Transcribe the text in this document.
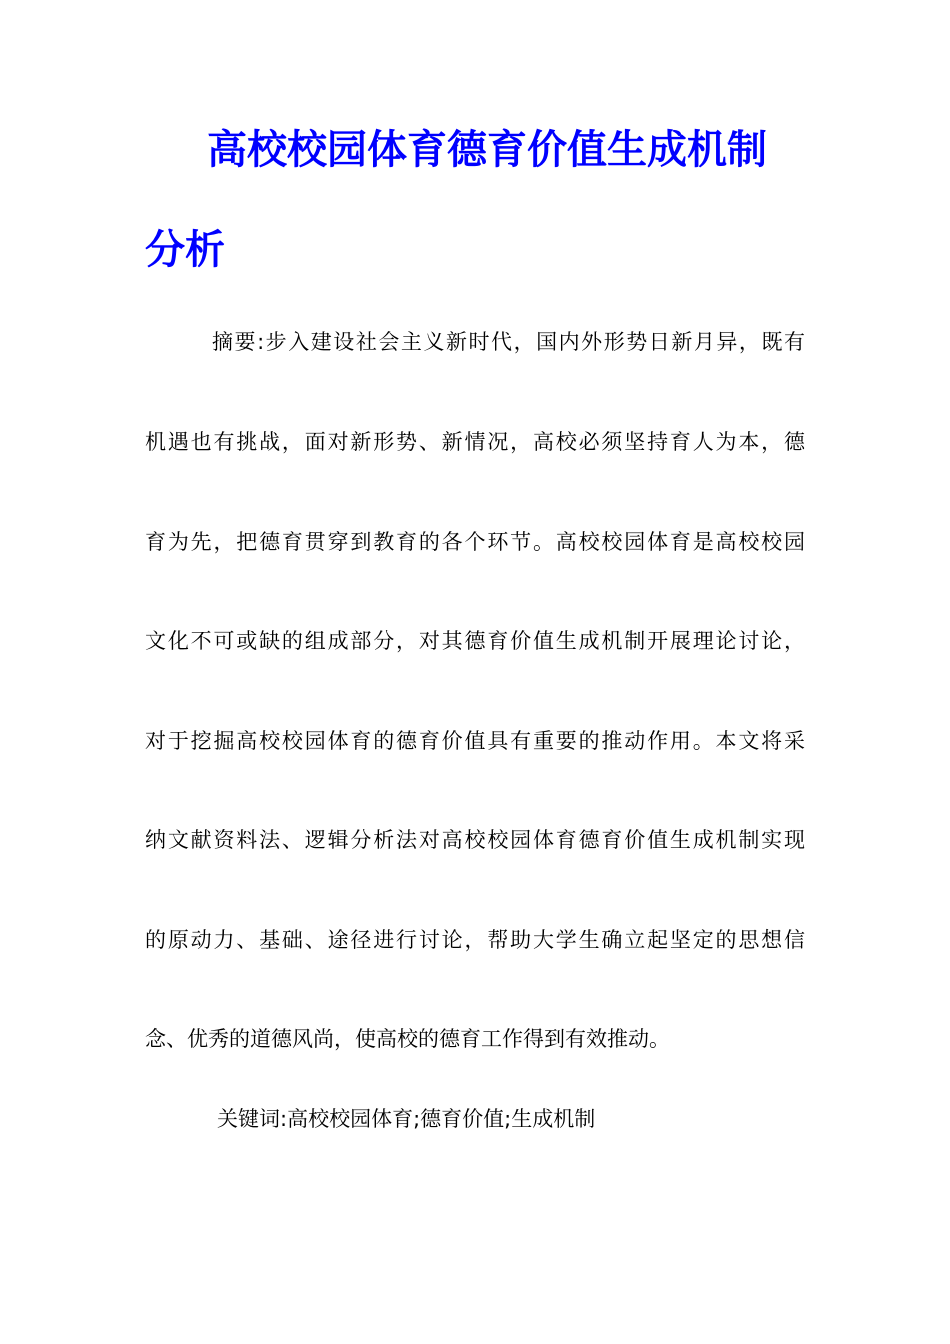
高校校园体育德育价值生成机制
分析

摘要:步入建设社会主义新时代，国内外形势日新月异，既有

机遇也有挑战，面对新形势、新情况，高校必须坚持育人为本，德

育为先，把德育贯穿到教育的各个环节。高校校园体育是高校校园

文化不可或缺的组成部分，对其德育价值生成机制开展理论讨论，

对于挖掘高校校园体育的德育价值具有重要的推动作用。本文将采

纳文献资料法、逻辑分析法对高校校园体育德育价值生成机制实现

的原动力、基础、途径进行讨论，帮助大学生确立起坚定的思想信

念、优秀的道德风尚，使高校的德育工作得到有效推动。

关键词:高校校园体育;德育价值;生成机制
